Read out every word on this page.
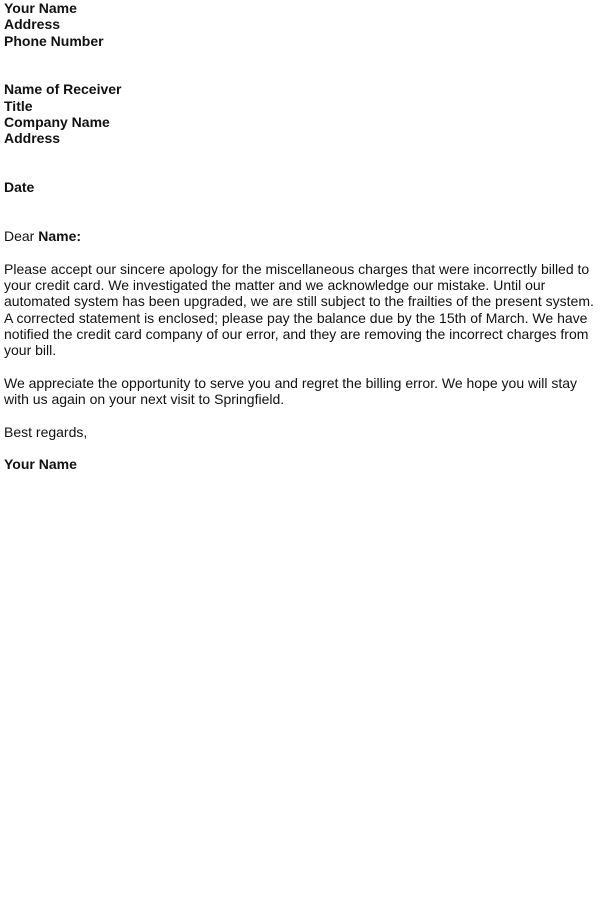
Your Name
Address
Phone Number
Name of Receiver
Title
Company Name
Address
Date
Dear Name:

Please accept our sincere apology for the miscellaneous charges that were incorrectly billed to
your credit card. We investigated the matter and we acknowledge our mistake. Until our
automated system has been upgraded, we are still subject to the frailties of the present system.
A corrected statement is enclosed; please pay the balance due by the 15th of March. We have
notified the credit card company of our error, and they are removing the incorrect charges from
your bill.

We appreciate the opportunity to serve you and regret the billing error. We hope you will stay
with us again on your next visit to Springfield.

Best regards,
Your Name
